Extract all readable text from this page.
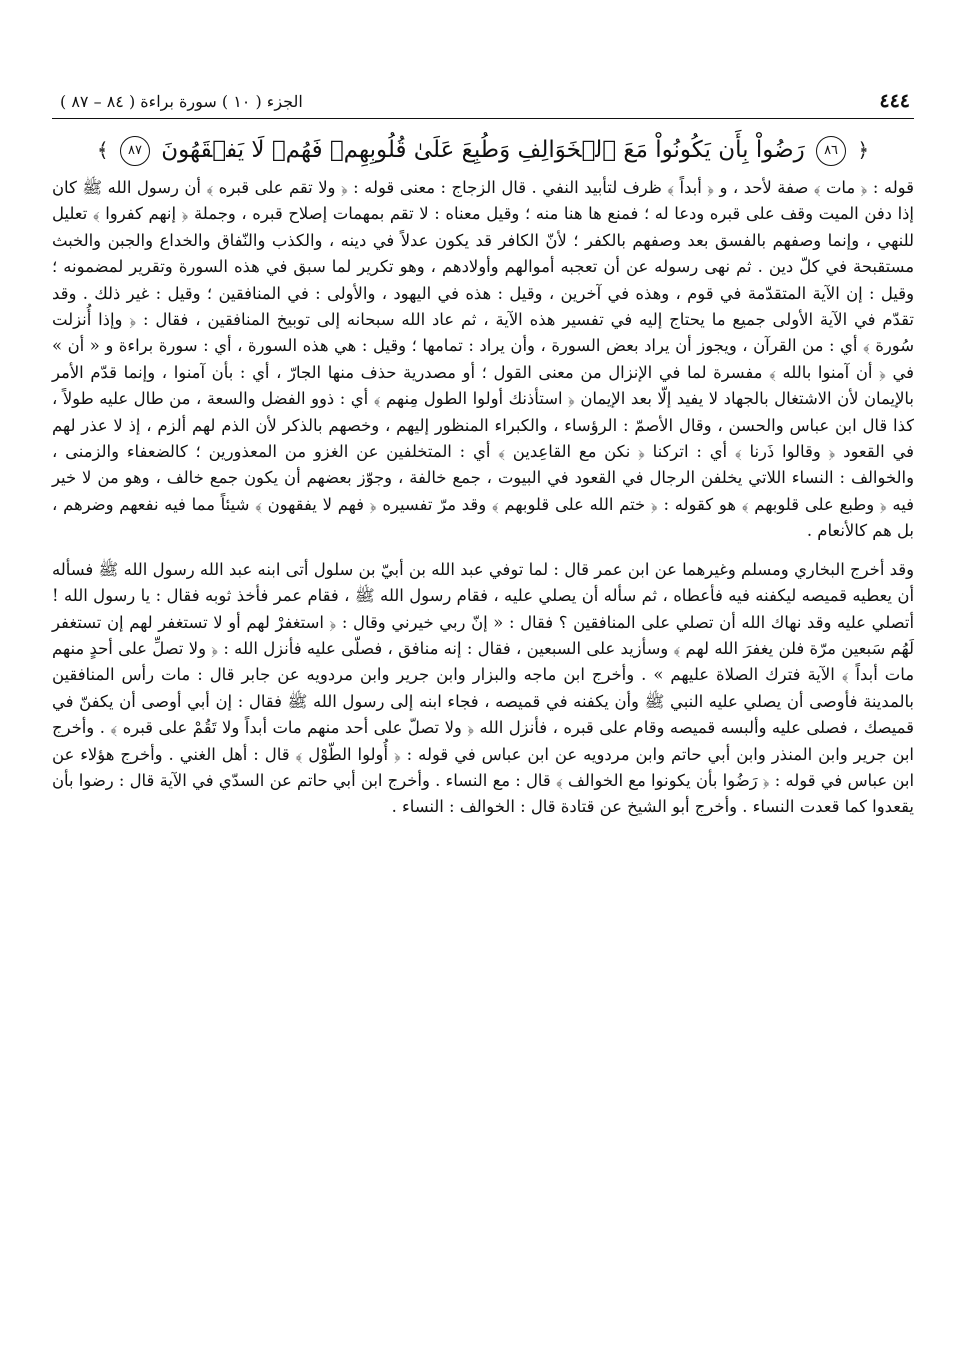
٤٤٤
الجزء ( ١٠ ) سورة براءة ( ٨٤ – ٨٧ )
﴿ ٨٦ رَضُواْ بِأَن يَكُونُواْ مَعَ ٱلۡخَوَالِفِ وَطُبِعَ عَلَىٰ قُلُوبِهِمۡ فَهُمۡ لَا يَفۡقَهُونَ ٨٧ ﴾

قوله : ﴿ مات ﴾ صفة لأحد ، و ﴿ أبداً ﴾ ظرف لتأبيد النفي . قال الزجاج : معنى قوله : ﴿ ولا تقم على قبره ﴾ أن رسول الله ﷺ كان إذا دفن الميت وقف على قبره ودعا له ؛ فمنع ها هنا منه ؛ وقيل معناه : لا تقم بمهمات إصلاح قبره ، وجملة ﴿ إنهم كفروا ﴾ تعليل للنهي ، وإنما وصفهم بالفسق بعد وصفهم بالكفر ؛ لأنّ الكافر قد يكون عدلاً في دينه ، والكذب والنّفاق والخداع والجبن والخبث مستقبحة في كلّ دين . ثم نهى رسوله عن أن تعجبه أموالهم وأولادهم ، وهو تكرير لما سبق في هذه السورة وتقرير لمضمونه ؛ وقيل : إن الآية المتقدّمة في قوم ، وهذه في آخرين ، وقيل : هذه في اليهود ، والأولى : في المنافقين ؛ وقيل : غير ذلك . وقد تقدّم في الآية الأولى جميع ما يحتاج إليه في تفسير هذه الآية ، ثم عاد الله سبحانه إلى توبيخ المنافقين ، فقال : ﴿ وإذا أُنزلت سُورة ﴾ أي : من القرآن ، ويجوز أن يراد بعض السورة ، وأن يراد : تمامها ؛ وقيل : هي هذه السورة ، أي : سورة براءة و « أن » في ﴿ أن آمنوا بالله ﴾ مفسرة لما في الإنزال من معنى القول ؛ أو مصدرية حذف منها الجارّ ، أي : بأن آمنوا ، وإنما قدّم الأمر بالإيمان لأن الاشتغال بالجهاد لا يفيد إلّا بعد الإيمان ﴿ استأذنك أولوا الطول مِنهم ﴾ أي : ذوو الفضل والسعة ، من طال عليه طولاً ، كذا قال ابن عباس والحسن ، وقال الأصمّ : الرؤساء ، والكبراء المنظور إليهم ، وخصهم بالذكر لأن الذم لهم ألزم ، إذ لا عذر لهم في القعود ﴿ وقالوا ذَرنا ﴾ أي : اتركنا ﴿ نكن مع القاعِدين ﴾ أي : المتخلفين عن الغزو من المعذورين ؛ كالضعفاء والزمنى ، والخوالف : النساء اللاتي يخلفن الرجال في القعود في البيوت ، جمع خالفة ، وجوّز بعضهم أن يكون جمع خالف ، وهو من لا خير فيه ﴿ وطبع على قلوبهم ﴾ هو كقوله : ﴿ ختم الله على قلوبهم ﴾ وقد مرّ تفسيره ﴿ فهم لا يفقهون ﴾ شيئاً مما فيه نفعهم وضرهم ، بل هم كالأنعام .

وقد أخرج البخاري ومسلم وغيرهما عن ابن عمر قال : لما توفي عبد الله بن أبيّ بن سلول أتى ابنه عبد الله رسول الله ﷺ فسأله أن يعطيه قميصه ليكفنه فيه فأعطاه ، ثم سأله أن يصلي عليه ، فقام رسول الله ﷺ ، فقام عمر فأخذ ثوبه فقال : يا رسول الله ! أتصلي عليه وقد نهاك الله أن تصلي على المنافقين ؟ فقال : « إنّ ربي خيرني وقال : ﴿ استغفرْ لهم أو لا تستغفر لهم إن تستغفر لَهُم سَبعين مرّة فلن يغفرَ الله لهم ﴾ وسأزيد على السبعين ، فقال : إنه منافق ، فصلّى عليه فأنزل الله : ﴿ ولا تصلِّ على أحدٍ منهم مات أبداً ﴾ الآية فترك الصلاة عليهم » . وأخرج ابن ماجه والبزار وابن جرير وابن مردويه عن جابر قال : مات رأس المنافقين بالمدينة فأوصى أن يصلي عليه النبي ﷺ وأن يكفنه في قميصه ، فجاء ابنه إلى رسول الله ﷺ فقال : إن أبي أوصى أن يكفنّ في قميصك ، فصلى عليه وألبسه قميصه وقام على قبره ، فأنزل الله ﴿ ولا تصلّ على أحد منهم مات أبداً ولا تَقُمْ على قبره ﴾ . وأخرج ابن جرير وابن المنذر وابن أبي حاتم وابن مردويه عن ابن عباس في قوله : ﴿ أُولوا الطّوْل ﴾ قال : أهل الغني . وأخرج هؤلاء عن ابن عباس في قوله : ﴿ رَضُوا بأن يكونوا مع الخوالف ﴾ قال : مع النساء . وأخرج ابن أبي حاتم عن السدّي في الآية قال : رضوا بأن يقعدوا كما قعدت النساء . وأخرج أبو الشيخ عن قتادة قال : الخوالف : النساء .
